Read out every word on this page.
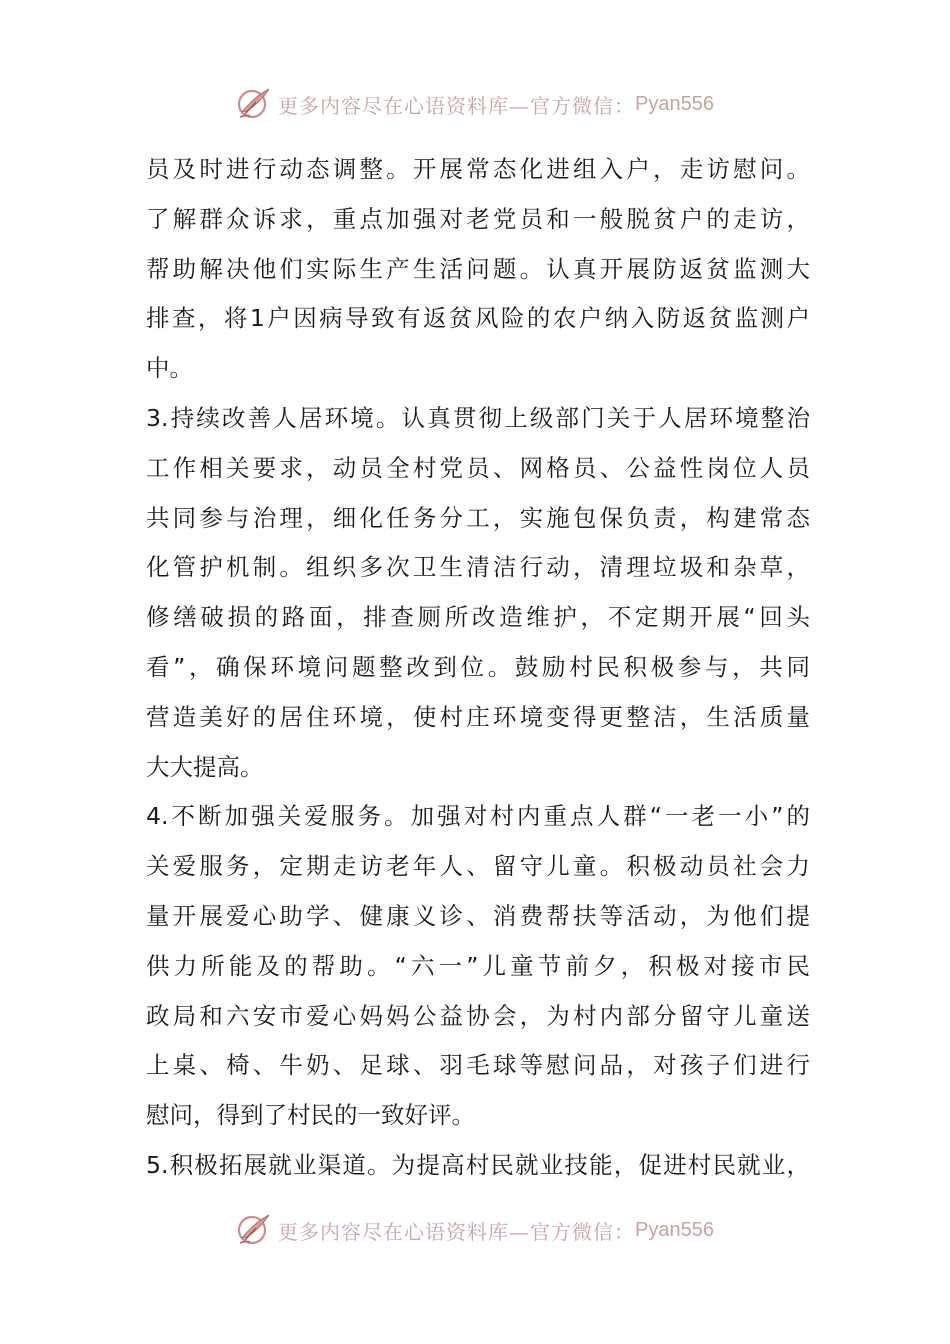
更多内容尽在心语资料库—官方微信： Pyan556
员及时进行动态调整。开展常态化进组入户，走访慰问。
了解群众诉求，重点加强对老党员和一般脱贫户的走访，
帮助解决他们实际生产生活问题。认真开展防返贫监测大
排查，将1户因病导致有返贫风险的农户纳入防返贫监测户
中。
3.持续改善人居环境。认真贯彻上级部门关于人居环境整治
工作相关要求，动员全村党员、网格员、公益性岗位人员
共同参与治理，细化任务分工，实施包保负责，构建常态
化管护机制。组织多次卫生清洁行动，清理垃圾和杂草，
修缮破损的路面，排查厕所改造维护，不定期开展“回头
看”，确保环境问题整改到位。鼓励村民积极参与，共同
营造美好的居住环境，使村庄环境变得更整洁，生活质量
大大提高。
4.不断加强关爱服务。加强对村内重点人群“一老一小”的
关爱服务，定期走访老年人、留守儿童。积极动员社会力
量开展爱心助学、健康义诊、消费帮扶等活动，为他们提
供力所能及的帮助。“六一”儿童节前夕，积极对接市民
政局和六安市爱心妈妈公益协会，为村内部分留守儿童送
上桌、椅、牛奶、足球、羽毛球等慰问品，对孩子们进行
慰问，得到了村民的一致好评。
5.积极拓展就业渠道。为提高村民就业技能，促进村民就业，
更多内容尽在心语资料库—官方微信： Pyan556
